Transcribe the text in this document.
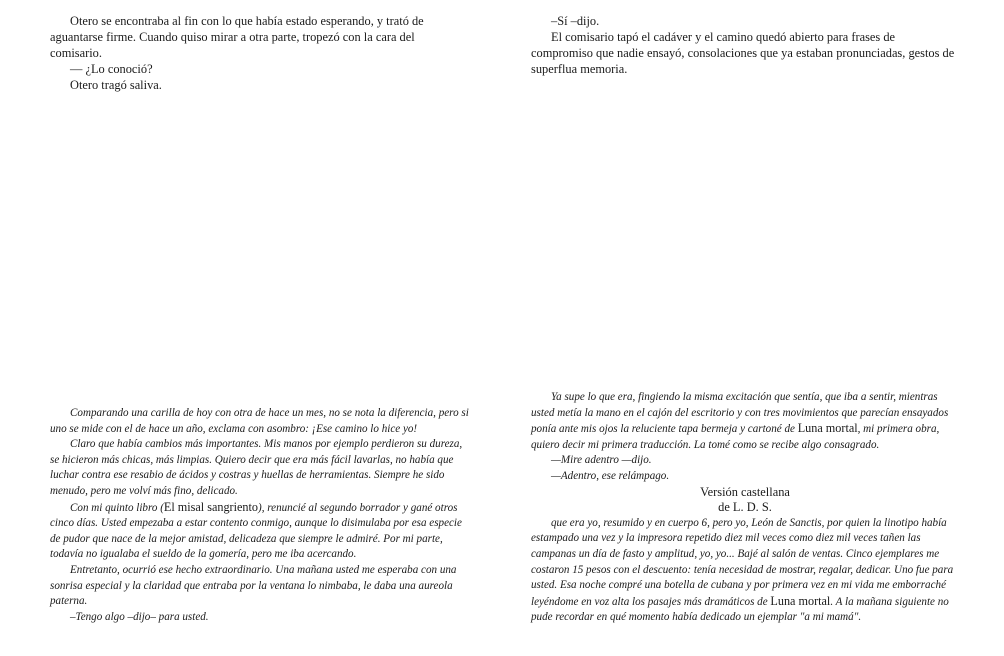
Otero se encontraba al fin con lo que había estado esperando, y trató de aguantarse firme. Cuando quiso mirar a otra parte, tropezó con la cara del comisario.

— ¿Lo conoció?

Otero tragó saliva.

–Sí –dijo.

El comisario tapó el cadáver y el camino quedó abierto para frases de compromiso que nadie ensayó, consolaciones que ya estaban pronunciadas, gestos de superflua memoria.

Comparando una carilla de hoy con otra de hace un mes, no se nota la diferencia, pero si uno se mide con el de hace un año, exclama con asombro: ¡Ese camino lo hice yo!

Claro que había cambios más importantes. Mis manos por ejemplo perdieron su dureza, se hicieron más chicas, más limpias. Quiero decir que era más fácil lavarlas, no había que luchar contra ese resabio de ácidos y costras y huellas de herramientas. Siempre he sido menudo, pero me volví más fino, delicado.

Con mi quinto libro (El misal sangriento), renuncié al segundo borrador y gané otros cinco días. Usted empezaba a estar contento conmigo, aunque lo disimulaba por esa especie de pudor que nace de la mejor amistad, delicadeza que siempre le admiré. Por mi parte, todavía no igualaba el sueldo de la gomería, pero me iba acercando.

Entretanto, ocurrió ese hecho extraordinario. Una mañana usted me esperaba con una sonrisa especial y la claridad que entraba por la ventana lo nimbaba, le daba una aureola paterna.

–Tengo algo –dijo– para usted.

Ya supe lo que era, fingiendo la misma excitación que sentía, que iba a sentir, mientras usted metía la mano en el cajón del escritorio y con tres movimientos que parecían ensayados ponía ante mis ojos la reluciente tapa bermeja y cartoné de Luna mortal, mi primera obra, quiero decir mi primera traducción. La tomé como se recibe algo consagrado.

—Mire adentro —dijo.

—Adentro, ese relámpago.

Versión castellana

de L. D. S.

que era yo, resumido y en cuerpo 6, pero yo, León de Sanctis, por quien la linotipo había estampado una vez y la impresora repetido diez mil veces como diez mil veces tañen las campanas un día de fasto y amplitud, yo, yo... Bajé al salón de ventas. Cinco ejemplares me costaron 15 pesos con el descuento: tenía necesidad de mostrar, regalar, dedicar. Uno fue para usted. Esa noche compré una botella de cubana y por primera vez en mi vida me emborraché leyéndome en voz alta los pasajes más dramáticos de Luna mortal. A la mañana siguiente no pude recordar en qué momento había dedicado un ejemplar "a mi mamá".
